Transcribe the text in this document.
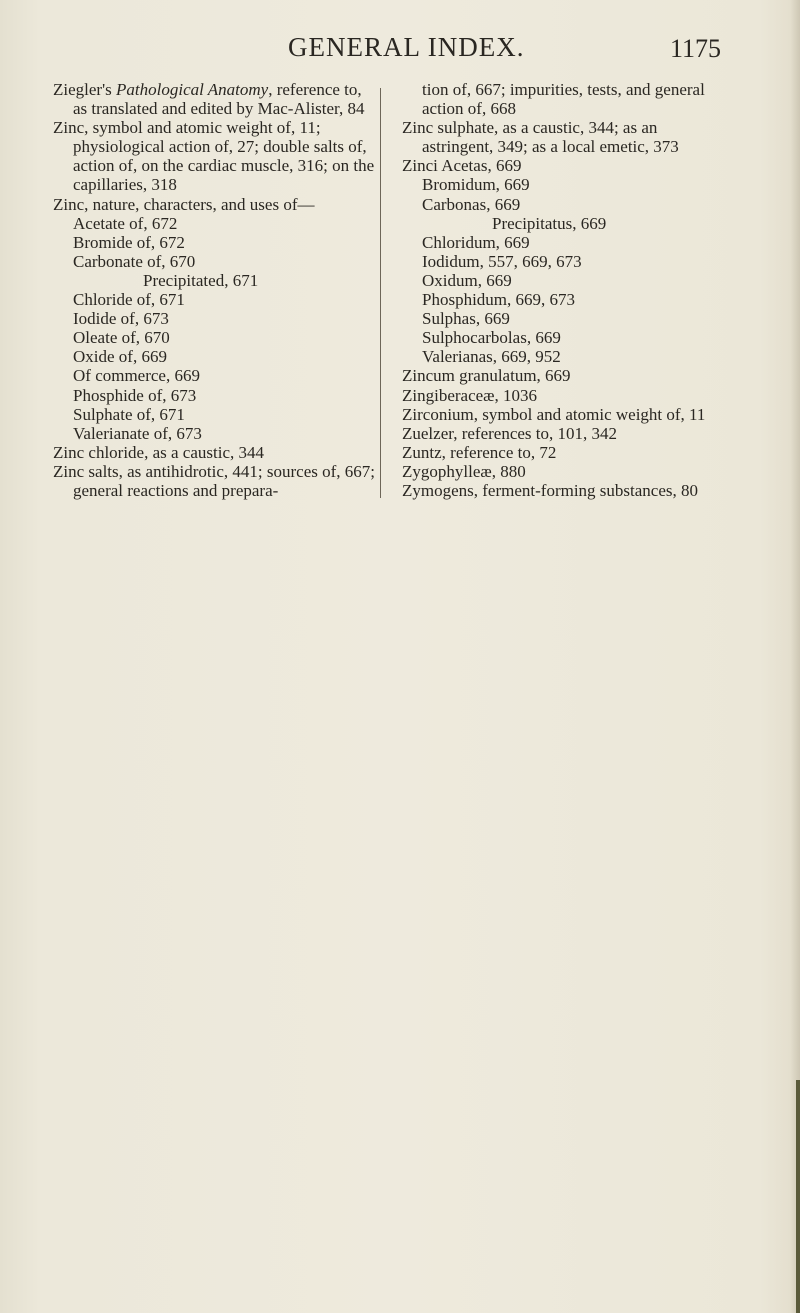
GENERAL INDEX.	1175

Ziegler's Pathological Anatomy, reference to, as translated and edited by Mac-Alister, 84

Zinc, symbol and atomic weight of, 11; physiological action of, 27; double salts of, action of, on the cardiac muscle, 316; on the capillaries, 318

Zinc, nature, characters, and uses of—

Acetate of, 672

Bromide of, 672

Carbonate of, 670

Precipitated, 671

Chloride of, 671

Iodide of, 673

Oleate of, 670

Oxide of, 669

Of commerce, 669

Phosphide of, 673

Sulphate of, 671

Valerianate of, 673

Zinc chloride, as a caustic, 344

Zinc salts, as antihidrotic, 441; sources of, 667; general reactions and prepara-

tion of, 667; impurities, tests, and general action of, 668

Zinc sulphate, as a caustic, 344; as an astringent, 349; as a local emetic, 373

Zinci Acetas, 669

Bromidum, 669

Carbonas, 669

Precipitatus, 669

Chloridum, 669

Iodidum, 557, 669, 673

Oxidum, 669

Phosphidum, 669, 673

Sulphas, 669

Sulphocarbolas, 669

Valerianas, 669, 952

Zincum granulatum, 669

Zingiberaceæ, 1036

Zirconium, symbol and atomic weight of, 11

Zuelzer, references to, 101, 342

Zuntz, reference to, 72

Zygophylleæ, 880

Zymogens, ferment-forming substances, 80
